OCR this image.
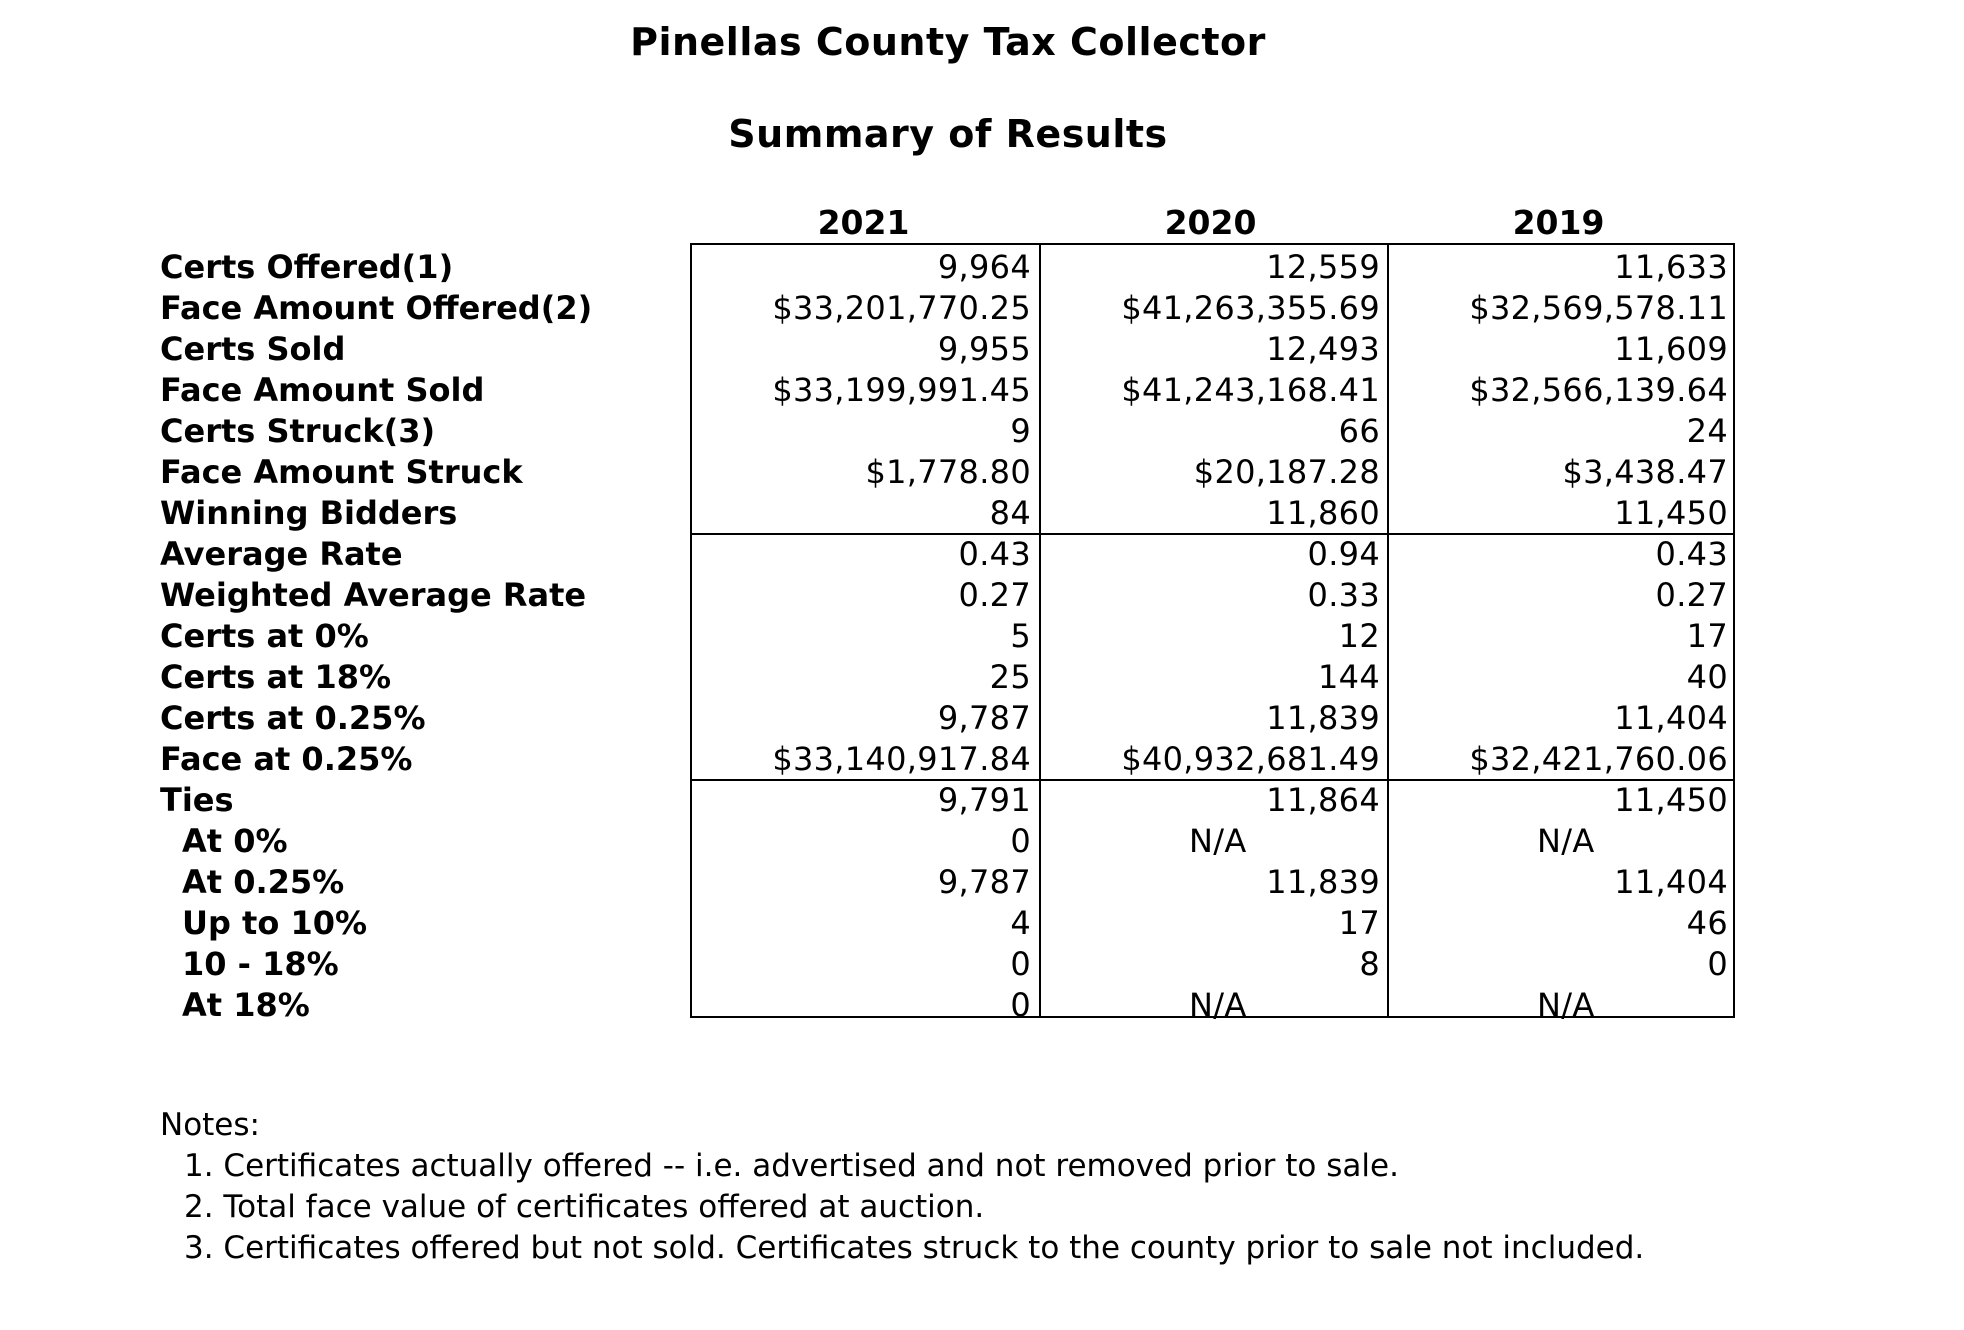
Pinellas County Tax Collector
Summary of Results
2021	2020	2019
Certs Offered(1)
Face Amount Offered(2)
Certs Sold
Face Amount Sold
Certs Struck(3)
Face Amount Struck
Winning Bidders
Average Rate
Weighted Average Rate
Certs at 0%
Certs at 18%
Certs at 0.25%
Face at 0.25%
Ties
At 0%
At 0.25%
Up to 10%
10 - 18%
At 18%
9,964
$33,201,770.25
9,955
$33,199,991.45
9
$1,778.80
84
0.43
0.27
5
25
9,787
$33,140,917.84
9,791
0
9,787
4
0
0
12,559
$41,263,355.69
12,493
$41,243,168.41
66
$20,187.28
11,860
0.94
0.33
12
144
11,839
$40,932,681.49
11,864
N/A
11,839
17
8
N/A
11,633
$32,569,578.11
11,609
$32,566,139.64
24
$3,438.47
11,450
0.43
0.27
17
40
11,404
$32,421,760.06
11,450
N/A
11,404
46
0
N/A
Notes:
1. Certificates actually offered -- i.e. advertised and not removed prior to sale.
2. Total face value of certificates offered at auction.
3. Certificates offered but not sold. Certificates struck to the county prior to sale not included.
